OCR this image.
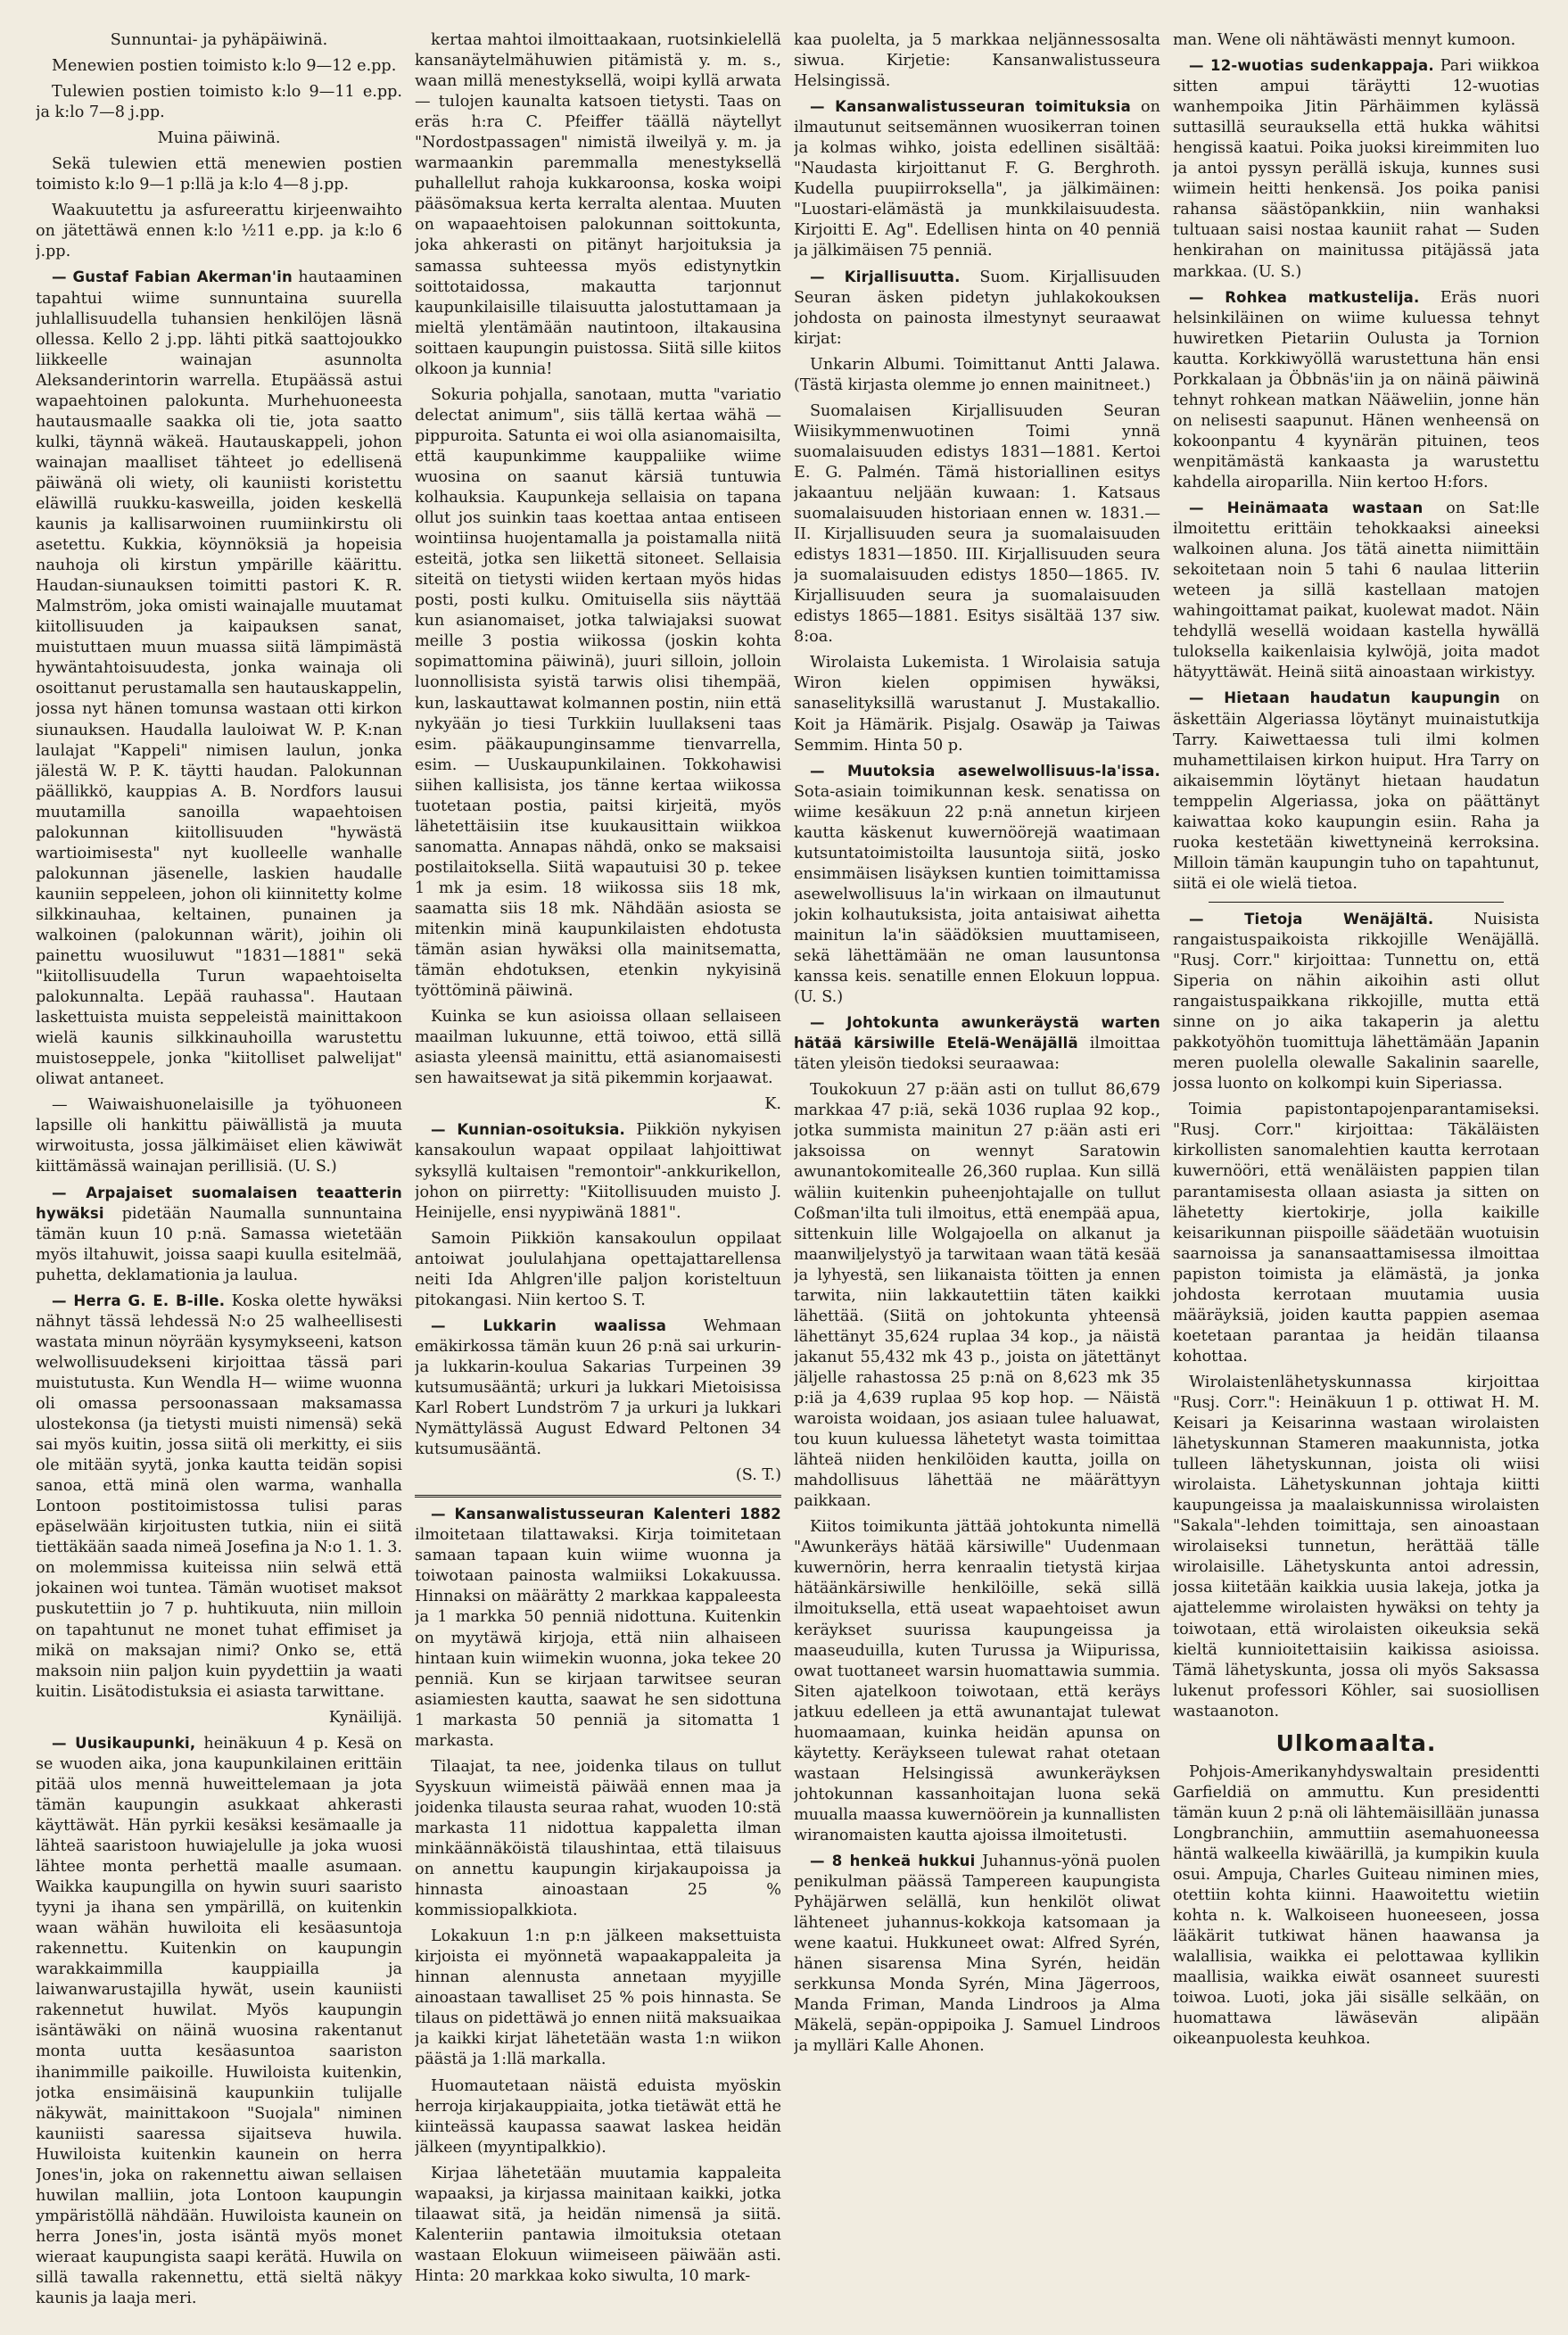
Sunnuntai- ja pyhäpäiwinä.

Menewien postien toimisto k:lo 9—12 e.pp.

Tulewien postien toimisto k:lo 9—11 e.pp. ja k:lo 7—8 j.pp.

Muina päiwinä.

Sekä tulewien että menewien postien toimisto k:lo 9—1 p:llä ja k:lo 4—8 j.pp.

Waakuutettu ja asfureerattu kirjeenwaihto on jätettäwä ennen k:lo ½11 e.pp. ja k:lo 6 j.pp.

— Gustaf Fabian Akerman'in hautaaminen tapahtui wiime sunnuntaina suurella juhlallisuudella tuhansien henkilöjen läsnä ollessa. Kello 2 j.pp. lähti pitkä saattojoukko liikkeelle wainajan asunnolta Aleksanderintorin warrella. Etupäässä astui wapaehtoinen palokunta. Murhehuoneesta hautausmaalle saakka oli tie, jota saatto kulki, täynnä wäkeä. Hautauskappeli, johon wainajan maalliset tähteet jo edellisenä päiwänä oli wiety, oli kauniisti koristettu eläwillä ruukku-kasweilla, joiden keskellä kaunis ja kallisarwoinen ruumiinkirstu oli asetettu. Kukkia, köynnöksiä ja hopeisia nauhoja oli kirstun ympärille käärittu. Haudan-siunauksen toimitti pastori K. R. Malmström, joka omisti wainajalle muutamat kiitollisuuden ja kaipauksen sanat, muistuttaen muun muassa siitä lämpimästä hywäntahtoisuudesta, jonka wainaja oli osoittanut perustamalla sen hautauskappelin, jossa nyt hänen tomunsa wastaan otti kirkon siunauksen. Haudalla lauloiwat W. P. K:nan laulajat "Kappeli" nimisen laulun, jonka jälestä W. P. K. täytti haudan. Palokunnan päällikkö, kauppias A. B. Nordfors lausui muutamilla sanoilla wapaehtoisen palokunnan kiitollisuuden "hywästä wartioimisesta" nyt kuolleelle wanhalle palokunnan jäsenelle, laskien haudalle kauniin seppeleen, johon oli kiinnitetty kolme silkkinauhaa, keltainen, punainen ja walkoinen (palokunnan wärit), joihin oli painettu wuosiluwut "1831—1881" sekä "kiitollisuudella Turun wapaehtoiselta palokunnalta. Lepää rauhassa". Hautaan laskettuista muista seppeleistä mainittakoon wielä kaunis silkkinauhoilla warustettu muistoseppele, jonka "kiitolliset palwelijat" oliwat antaneet.

— Waiwaishuonelaisille ja työhuoneen lapsille oli hankittu päiwällistä ja muuta wirwoitusta, jossa jälkimäiset elien käwiwät kiittämässä wainajan perillisiä. (U. S.)

— Arpajaiset suomalaisen teaatterin hywäksi pidetään Naumalla sunnuntaina tämän kuun 10 p:nä. Samassa wietetään myös iltahuwit, joissa saapi kuulla esitelmää, puhetta, deklamationia ja laulua.

— Herra G. E. B-ille. Koska olette hywäksi nähnyt tässä lehdessä N:o 25 walheellisesti wastata minun nöyrään kysymykseeni, katson welwollisuudekseni kirjoittaa tässä pari muistutusta. Kun Wendla H— wiime wuonna oli omassa persoonassaan maksamassa ulostekonsa (ja tietysti muisti nimensä) sekä sai myös kuitin, jossa siitä oli merkitty, ei siis ole mitään syytä, jonka kautta teidän sopisi sanoa, että minä olen warma, wanhalla Lontoon postitoimistossa tulisi paras epäselwään kirjoitusten tutkia, niin ei siitä tiettäkään saada nimeä Josefina ja N:o 1. 1. 3. on molemmissa kuiteissa niin selwä että jokainen woi tuntea. Tämän wuotiset maksot puskutettiin jo 7 p. huhtikuuta, niin milloin on tapahtunut ne monet tuhat effimiset ja mikä on maksajan nimi? Onko se, että maksoin niin paljon kuin pyydettiin ja waati kuitin. Lisätodistuksia ei asiasta tarwittane.

Kynäilijä.

— Uusikaupunki, heinäkuun 4 p. Kesä on se wuoden aika, jona kaupunkilainen erittäin pitää ulos mennä huweittelemaan ja jota tämän kaupungin asukkaat ahkerasti käyttäwät. Hän pyrkii kesäksi kesämaalle ja lähteä saaristoon huwiajelulle ja joka wuosi lähtee monta perhettä maalle asumaan. Waikka kaupungilla on hywin suuri saaristo tyyni ja ihana sen ympärillä, on kuitenkin waan wähän huwiloita eli kesäasuntoja rakennettu. Kuitenkin on kaupungin warakkaimmilla kauppiailla ja laiwanwarustajilla hywät, usein kauniisti rakennetut huwilat. Myös kaupungin isäntäwäki on näinä wuosina rakentanut monta uutta kesäasuntoa saariston ihanimmille paikoille. Huwiloista kuitenkin, jotka ensimäisinä kaupunkiin tulijalle näkywät, mainittakoon "Suojala" niminen kauniisti saaressa sijaitseva huwila. Huwiloista kuitenkin kaunein on herra Jones'in, joka on rakennettu aiwan sellaisen huwilan malliin, jota Lontoon kaupungin ympäristöllä nähdään. Huwiloista kaunein on herra Jones'in, josta isäntä myös monet wieraat kaupungista saapi kerätä. Huwila on sillä tawalla rakennettu, että sieltä näkyy kaunis ja laaja meri.

kertaa mahtoi ilmoittaakaan, ruotsinkielellä kansanäytelmähuwien pitämistä y. m. s., waan millä menestyksellä, woipi kyllä arwata — tulojen kaunalta katsoen tietysti. Taas on eräs h:ra C. Pfeiffer täällä näytellyt "Nordostpassagen" nimistä ilweilyä y. m. ja warmaankin paremmalla menestyksellä puhallellut rahoja kukkaroonsa, koska woipi pääsömaksua kerta kerralta alentaa. Muuten on wapaaehtoisen palokunnan soittokunta, joka ahkerasti on pitänyt harjoituksia ja samassa suhteessa myös edistynytkin soittotaidossa, makautta tarjonnut kaupunkilaisille tilaisuutta jalostuttamaan ja mieltä ylentämään nautintoon, iltakausina soittaen kaupungin puistossa. Siitä sille kiitos olkoon ja kunnia!

Sokuria pohjalla, sanotaan, mutta "variatio delectat animum", siis tällä kertaa wähä — pippuroita. Satunta ei woi olla asianomaisilta, että kaupunkimme kauppaliike wiime wuosina on saanut kärsiä tuntuwia kolhauksia. Kaupunkeja sellaisia on tapana ollut jos suinkin taas koettaa antaa entiseen wointiinsa huojentamalla ja poistamalla niitä esteitä, jotka sen liikettä sitoneet. Sellaisia siteitä on tietysti wiiden kertaan myös hidas posti, posti kulku. Omituisella siis näyttää kun asianomaiset, jotka talwiajaksi suowat meille 3 postia wiikossa (joskin kohta sopimattomina päiwinä), juuri silloin, jolloin luonnollisista syistä tarwis olisi tihempää, kun, laskauttawat kolmannen postin, niin että nykyään jo tiesi Turkkiin luullakseni taas esim. pääkaupunginsamme tienvarrella, esim. — Uuskaupunkilainen. Tokkohawisi siihen kallisista, jos tänne kertaa wiikossa tuotetaan postia, paitsi kirjeitä, myös lähetettäisiin itse kuukausittain wiikkoa sanomatta. Annapas nähdä, onko se maksaisi postilaitoksella. Siitä wapautuisi 30 p. tekee 1 mk ja esim. 18 wiikossa siis 18 mk, saamatta siis 18 mk. Nähdään asiosta se mitenkin minä kaupunkilaisten ehdotusta tämän asian hywäksi olla mainitsematta, tämän ehdotuksen, etenkin nykyisinä työttöminä päiwinä.

Kuinka se kun asioissa ollaan sellaiseen maailman lukuunne, että toiwoo, että sillä asiasta yleensä mainittu, että asianomaisesti sen hawaitsewat ja sitä pikemmin korjaawat.

K.

— Kunnian-osoituksia. Piikkiön nykyisen kansakoulun wapaat oppilaat lahjoittiwat syksyllä kultaisen "remontoir"-ankkurikellon, johon on piirretty: "Kiitollisuuden muisto J. Heinijelle, ensi nyypiwänä 1881".

Samoin Piikkiön kansakoulun oppilaat antoiwat joululahjana opettajattarellensa neiti Ida Ahlgren'ille paljon koristeltuun pitokangasi. Niin kertoo S. T.

— Lukkarin waalissa Wehmaan emäkirkossa tämän kuun 26 p:nä sai urkurin- ja lukkarin-koulua Sakarias Turpeinen 39 kutsumusääntä; urkuri ja lukkari Mietoisissa Karl Robert Lundström 7 ja urkuri ja lukkari Nymättylässä August Edward Peltonen 34 kutsumusääntä.

(S. T.)

— Kansanwalistusseuran Kalenteri 1882 ilmoitetaan tilattawaksi. Kirja toimitetaan samaan tapaan kuin wiime wuonna ja toiwotaan painosta walmiiksi Lokakuussa. Hinnaksi on määrätty 2 markkaa kappaleesta ja 1 markka 50 penniä nidottuna. Kuitenkin on myytäwä kirjoja, että niin alhaiseen hintaan kuin wiimekin wuonna, joka tekee 20 penniä. Kun se kirjaan tarwitsee seuran asiamiesten kautta, saawat he sen sidottuna 1 markasta 50 penniä ja sitomatta 1 markasta.

Tilaajat, ta nee, joidenka tilaus on tullut Syyskuun wiimeistä päiwää ennen maa ja joidenka tilausta seuraa rahat, wuoden 10:stä markasta 11 nidottua kappaletta ilman minkäännäköistä tilaushintaa, että tilaisuus on annettu kaupungin kirjakaupoissa ja hinnasta ainoastaan 25 % kommissiopalkkiota.

Lokakuun 1:n p:n jälkeen maksettuista kirjoista ei myönnetä wapaakappaleita ja hinnan alennusta annetaan myyjille ainoastaan tawalliset 25 % pois hinnasta. Se tilaus on pidettäwä jo ennen niitä maksuaikaa ja kaikki kirjat lähetetään wasta 1:n wiikon päästä ja 1:llä markalla.

Huomautetaan näistä eduista myöskin herroja kirjakauppiaita, jotka tietäwät että he kiinteässä kaupassa saawat laskea heidän jälkeen (myyntipalkkio).

Kirjaa lähetetään muutamia kappaleita wapaaksi, ja kirjassa mainitaan kaikki, jotka tilaawat sitä, ja heidän nimensä ja siitä. Kalenteriin pantawia ilmoituksia otetaan wastaan Elokuun wiimeiseen päiwään asti. Hinta: 20 markkaa koko siwulta, 10 mark-

kaa puolelta, ja 5 markkaa neljännessosalta siwua. Kirjetie: Kansanwalistusseura Helsingissä.

— Kansanwalistusseuran toimituksia on ilmautunut seitsemännen wuosikerran toinen ja kolmas wihko, joista edellinen sisältää: "Naudasta kirjoittanut F. G. Berghroth. Kudella puupiirroksella", ja jälkimäinen: "Luostari-elämästä ja munkkilaisuudesta. Kirjoitti E. Ag". Edellisen hinta on 40 penniä ja jälkimäisen 75 penniä.

— Kirjallisuutta. Suom. Kirjallisuuden Seuran äsken pidetyn juhlakokouksen johdosta on painosta ilmestynyt seuraawat kirjat:

Unkarin Albumi. Toimittanut Antti Jalawa. (Tästä kirjasta olemme jo ennen mainitneet.)

Suomalaisen Kirjallisuuden Seuran Wiisikymmenwuotinen Toimi ynnä suomalaisuuden edistys 1831—1881. Kertoi E. G. Palmén. Tämä historiallinen esitys jakaantuu neljään kuwaan: 1. Katsaus suomalaisuuden historiaan ennen w. 1831.— II. Kirjallisuuden seura ja suomalaisuuden edistys 1831—1850. III. Kirjallisuuden seura ja suomalaisuuden edistys 1850—1865. IV. Kirjallisuuden seura ja suomalaisuuden edistys 1865—1881. Esitys sisältää 137 siw. 8:oa.

Wirolaista Lukemista. 1 Wirolaisia satuja Wiron kielen oppimisen hywäksi, sanaselityksillä warustanut J. Mustakallio. Koit ja Hämärik. Pisjalg. Osawäp ja Taiwas Semmim. Hinta 50 p.

— Muutoksia asewelwollisuus-la'issa. Sota-asiain toimikunnan kesk. senatissa on wiime kesäkuun 22 p:nä annetun kirjeen kautta käskenut kuwernöörejä waatimaan kutsuntatoimistoilta lausuntoja siitä, josko ensimmäisen lisäyksen kuntien toimittamissa asewelwollisuus la'in wirkaan on ilmautunut jokin kolhautuksista, joita antaisiwat aihetta mainitun la'in säädöksien muuttamiseen, sekä lähettämään ne oman lausuntonsa kanssa keis. senatille ennen Elokuun loppua. (U. S.)

— Johtokunta awunkeräystä warten hätää kärsiwille Etelä-Wenäjällä ilmoittaa täten yleisön tiedoksi seuraawaa:

Toukokuun 27 p:ään asti on tullut 86,679 markkaa 47 p:iä, sekä 1036 ruplaa 92 kop., jotka summista mainitun 27 p:ään asti eri jaksoissa on wennyt Saratowin awunantokomitealle 26,360 ruplaa. Kun sillä wäliin kuitenkin puheenjohtajalle on tullut Coßman'ilta tuli ilmoitus, että enempää apua, sittenkuin lille Wolgajoella on alkanut ja maanwiljelystyö ja tarwitaan waan tätä kesää ja lyhyestä, sen liikanaista töitten ja ennen tarwita, niin lakkautettiin täten kaikki lähettää. (Siitä on johtokunta yhteensä lähettänyt 35,624 ruplaa 34 kop., ja näistä jakanut 55,432 mk 43 p., joista on jätettänyt jäljelle rahastossa 25 p:nä on 8,623 mk 35 p:iä ja 4,639 ruplaa 95 kop hop. — Näistä waroista woidaan, jos asiaan tulee haluawat, tou kuun kuluessa lähetetyt wasta toimittaa lähteä niiden henkilöiden kautta, joilla on mahdollisuus lähettää ne määrättyyn paikkaan.

Kiitos toimikunta jättää johtokunta nimellä "Awunkeräys hätää kärsiwille" Uudenmaan kuwernörin, herra kenraalin tietystä kirjaa hätäänkärsiwille henkilöille, sekä sillä ilmoituksella, että useat wapaehtoiset awun keräykset suurissa kaupungeissa ja maaseuduilla, kuten Turussa ja Wiipurissa, owat tuottaneet warsin huomattawia summia. Siten ajatelkoon toiwotaan, että keräys jatkuu edelleen ja että awunantajat tulewat huomaamaan, kuinka heidän apunsa on käytetty. Keräykseen tulewat rahat otetaan wastaan Helsingissä awunkeräyksen johtokunnan kassanhoitajan luona sekä muualla maassa kuwernöörein ja kunnallisten wiranomaisten kautta ajoissa ilmoitetusti.

— 8 henkeä hukkui Juhannus-yönä puolen penikulman päässä Tampereen kaupungista Pyhäjärwen selällä, kun henkilöt oliwat lähteneet juhannus-kokkoja katsomaan ja wene kaatui. Hukkuneet owat: Alfred Syrén, hänen sisarensa Mina Syrén, heidän serkkunsa Monda Syrén, Mina Jägerroos, Manda Friman, Manda Lindroos ja Alma Mäkelä, sepän-oppipoika J. Samuel Lindroos ja mylläri Kalle Ahonen.

man. Wene oli nähtäwästi mennyt kumoon.

— 12-wuotias sudenkappaja. Pari wiikkoa sitten ampui täräytti 12-wuotias wanhempoika Jitin Pärhäimmen kylässä suttasillä seurauksella että hukka wähitsi hengissä kaatui. Poika juoksi kireimmiten luo ja antoi pyssyn perällä iskuja, kunnes susi wiimein heitti henkensä. Jos poika panisi rahansa säästöpankkiin, niin wanhaksi tultuaan saisi nostaa kauniit rahat — Suden henkirahan on mainitussa pitäjässä jata markkaa. (U. S.)

— Rohkea matkustelija. Eräs nuori helsinkiläinen on wiime kuluessa tehnyt huwiretken Pietariin Oulusta ja Tornion kautta. Korkkiwyöllä warustettuna hän ensi Porkkalaan ja Öbbnäs'iin ja on näinä päiwinä tehnyt rohkean matkan Nääweliin, jonne hän on nelisesti saapunut. Hänen wenheensä on kokoonpantu 4 kyynärän pituinen, teos wenpitämästä kankaasta ja warustettu kahdella airoparilla. Niin kertoo H:fors.

— Heinämaata wastaan on Sat:lle ilmoitettu erittäin tehokkaaksi aineeksi walkoinen aluna. Jos tätä ainetta niimittäin sekoitetaan noin 5 tahi 6 naulaa litteriin weteen ja sillä kastellaan matojen wahingoittamat paikat, kuolewat madot. Näin tehdyllä wesellä woidaan kastella hywällä tuloksella kaikenlaisia kylwöjä, joita madot hätyyttäwät. Heinä siitä ainoastaan wirkistyy.

— Hietaan haudatun kaupungin on äskettäin Algeriassa löytänyt muinaistutkija Tarry. Kaiwettaessa tuli ilmi kolmen muhamettilaisen kirkon huiput. Hra Tarry on aikaisemmin löytänyt hietaan haudatun temppelin Algeriassa, joka on päättänyt kaiwattaa koko kaupungin esiin. Raha ja ruoka kestetään kiwettyneinä kerroksina. Milloin tämän kaupungin tuho on tapahtunut, siitä ei ole wielä tietoa.

— Tietoja Wenäjältä. Nuisista rangaistuspaikoista rikkojille Wenäjällä. "Rusj. Corr." kirjoittaa: Tunnettu on, että Siperia on nähin aikoihin asti ollut rangaistuspaikkana rikkojille, mutta että sinne on jo aika takaperin ja alettu pakkotyöhön tuomittuja lähettämään Japanin meren puolella olewalle Sakalinin saarelle, jossa luonto on kolkompi kuin Siperiassa.

Toimia papistontapojenparantamiseksi. "Rusj. Corr." kirjoittaa: Täkäläisten kirkollisten sanomalehtien kautta kerrotaan kuwernööri, että wenäläisten pappien tilan parantamisesta ollaan asiasta ja sitten on lähetetty kiertokirje, jolla kaikille keisarikunnan piispoille säädetään wuotuisin saarnoissa ja sanansaattamisessa ilmoittaa papiston toimista ja elämästä, ja jonka johdosta kerrotaan muutamia uusia määräyksiä, joiden kautta pappien asemaa koetetaan parantaa ja heidän tilaansa kohottaa.

Wirolaistenlähetyskunnassa kirjoittaa "Rusj. Corr.": Heinäkuun 1 p. ottiwat H. M. Keisari ja Keisarinna wastaan wirolaisten lähetyskunnan Stameren maakunnista, jotka tulleen lähetyskunnan, joista oli wiisi wirolaista. Lähetyskunnan johtaja kiitti kaupungeissa ja maalaiskunnissa wirolaisten "Sakala"-lehden toimittaja, sen ainoastaan wirolaiseksi tunnetun, herättää tälle wirolaisille. Lähetyskunta antoi adressin, jossa kiitetään kaikkia uusia lakeja, jotka ja ajattelemme wirolaisten hywäksi on tehty ja toiwotaan, että wirolaisten oikeuksia sekä kieltä kunnioitettaisiin kaikissa asioissa. Tämä lähetyskunta, jossa oli myös Saksassa lukenut professori Köhler, sai suosiollisen wastaanoton.

Ulkomaalta.

Pohjois-Amerikanyhdyswaltain presidentti Garfieldiä on ammuttu. Kun presidentti tämän kuun 2 p:nä oli lähtemäisillään junassa Longbranchiin, ammuttiin asemahuoneessa häntä walkeella kiwäärillä, ja kumpikin kuula osui. Ampuja, Charles Guiteau niminen mies, otettiin kohta kiinni. Haawoitettu wietiin kohta n. k. Walkoiseen huoneeseen, jossa lääkärit tutkiwat hänen haawansa ja walallisia, waikka ei pelottawaa kyllikin maallisia, waikka eiwät osanneet suuresti toiwoa. Luoti, joka jäi sisälle selkään, on huomattawa läwäsevän alipään oikeanpuolesta keuhkoa.
